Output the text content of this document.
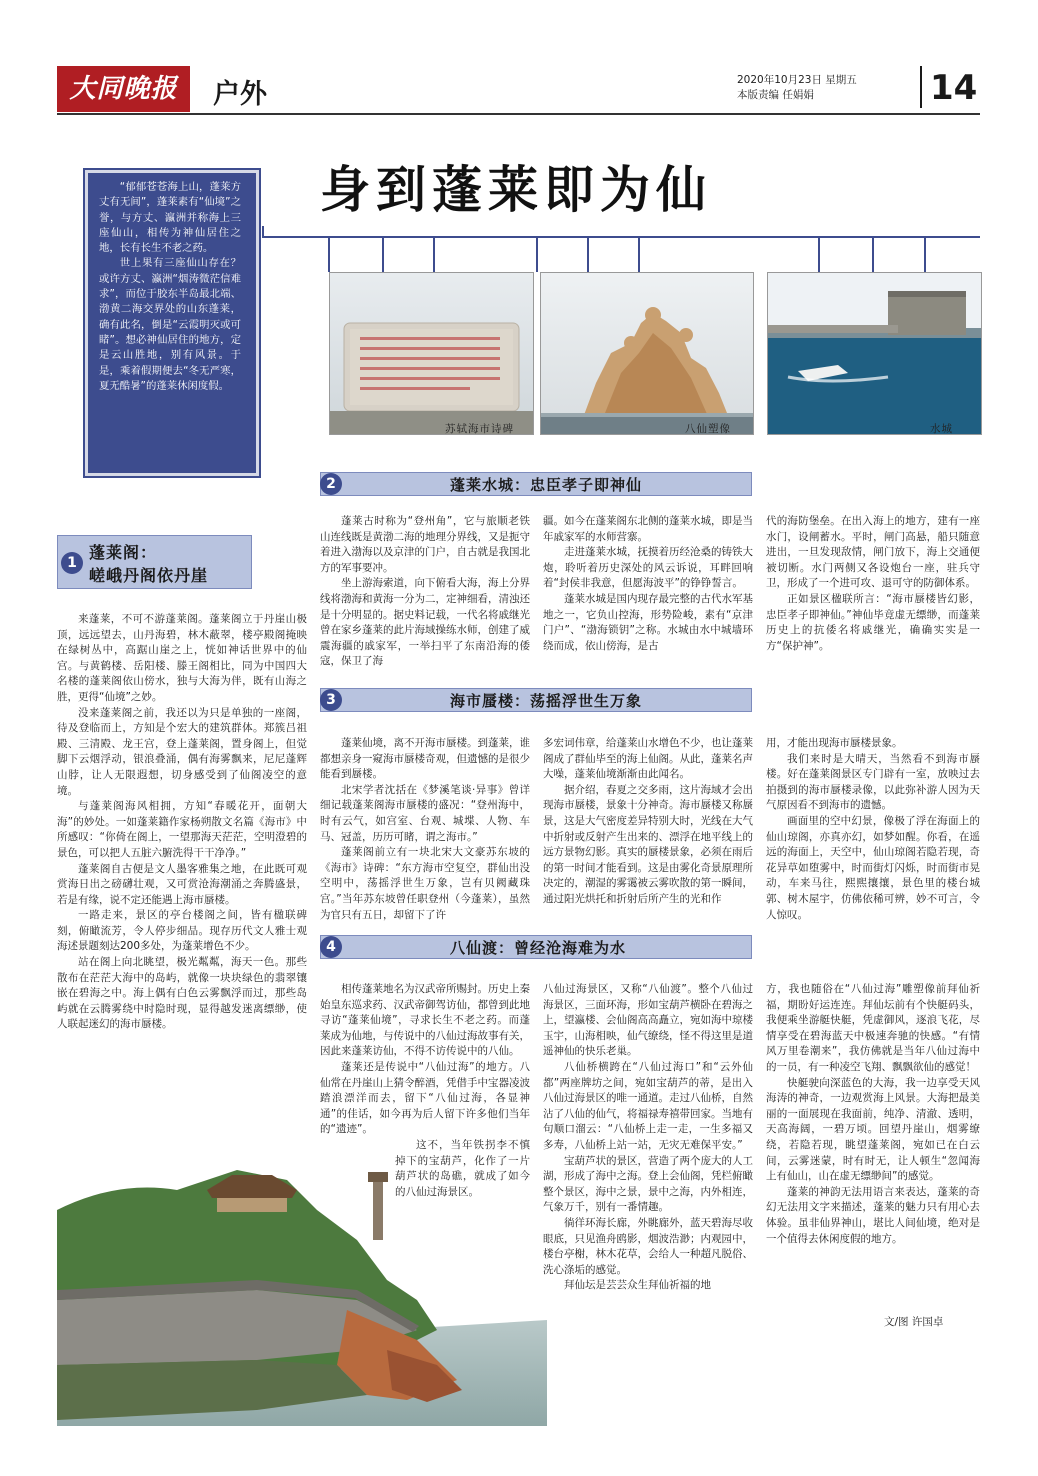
大同晚报	户外	2020年10月23日 星期五
本版责编 任娟娟	14

“郁郁苍苍海上山，蓬莱方丈有无间”，蓬莱素有“仙境”之誉，与方丈、瀛洲并称海上三座仙山，相传为神仙居住之地，长有长生不老之药。

世上果有三座仙山存在？或许方丈、瀛洲“烟涛微茫信难求”，而位于胶东半岛最北端、渤黄二海交界处的山东蓬莱，确有此名，倒是“云霞明灭或可睹”。想必神仙居住的地方，定是云山胜地，别有风景。于是，乘着假期便去“冬无严寒，夏无酷暑”的蓬莱休闲度假。

身到蓬莱即为仙
苏轼海市诗碑	八仙塑像	水城
1
蓬莱阁：
嵯峨丹阁依丹崖

来蓬莱，不可不游蓬莱阁。蓬莱阁立于丹崖山极顶，远远望去，山丹海碧，林木蔽翠，楼亭殿阁掩映在绿树丛中，高踞山崖之上，恍如神话世界中的仙宫。与黄鹤楼、岳阳楼、滕王阁相比，同为中国四大名楼的蓬莱阁依山傍水，独与大海为伴，既有山海之胜，更得“仙境”之妙。

没来蓬莱阁之前，我还以为只是单独的一座阁，待及登临而上，方知是个宏大的建筑群体。郑簇吕祖殿、三清殿、龙王宫，登上蓬莱阁，置身阁上，但觉脚下云烟浮动，银浪叠涌，偶有海雾飘来，尼尼蓬辉山脖，让人无限遐想，切身感受到了仙阁凌空的意境。

与蓬莱阁海风相拥，方知“春暖花开，面朝大海”的妙处。一如蓬莱籍作家杨朔散文名篇《海市》中所感叹：“你倚在阁上，一望那海天茫茫，空明澄碧的景色，可以把人五脏六腑洗得干干净净。”

蓬莱阁自古便是文人墨客雅集之地，在此既可观赏海日出之磅礴壮观，又可赏沧海潮涌之奔腾盛景，若是有缘，说不定还能遇上海市蜃楼。

一路走来，景区的亭台楼阁之间，皆有楹联碑刻，俯瞰流芳，令人停步细品。现存历代文人雅士观海述景题刻达200多处，为蓬莱增色不少。

站在阁上向北眺望，极光粼粼，海天一色。那些散布在茫茫大海中的岛屿，就像一块块绿色的翡翠镶嵌在碧海之中。海上偶有白色云雾飘浮而过，那些岛屿就在云腾雾绕中时隐时现，显得越发迷离缥缈，使人联起迷幻的海市蜃楼。

2	蓬莱水城：忠臣孝子即神仙

蓬莱古时称为“登州角”，它与旅顺老铁山连线既是黄渤二海的地理分界线，又是扼守着进入渤海以及京津的门户，自古就是我国北方的军事要冲。

坐上游海索道，向下俯看大海，海上分界线将渤海和黄海一分为二，定神细看，清浊还是十分明显的。据史料记载，一代名将戚继光曾在家乡蓬莱的此片海域操练水师，创建了威震海疆的戚家军，一举扫平了东南沿海的倭寇，保卫了海

疆。如今在蓬莱阁东北侧的蓬莱水城，即是当年戚家军的水师营寨。

走进蓬莱水城，抚摸着历经沧桑的铸铁大炮，聆听着历史深处的风云诉说，耳畔回响着“封侯非我意，但愿海波平”的铮铮誓言。

蓬莱水城是国内现存最完整的古代水军基地之一，它负山控海，形势险峻，素有“京津门户”、“渤海锁钥”之称。水城由水中城墙环绕而成，依山傍海，是古

代的海防堡垒。在出入海上的地方，建有一座水门，设闸蓄水。平时，闸门高悬，船只随意进出，一旦发现敌情，闸门放下，海上交通便被切断。水门两侧又各设炮台一座，驻兵守卫，形成了一个进可攻、退可守的防御体系。

正如景区楹联所言：“海市蜃楼皆幻影，忠臣孝子即神仙。”神仙毕竟虚无缥缈，而蓬莱历史上的抗倭名将戚继光，确确实实是一方“保护神”。

3	海市蜃楼：荡摇浮世生万象

蓬莱仙境，离不开海市蜃楼。到蓬莱，谁都想亲身一窥海市蜃楼奇观，但遗憾的是很少能看到蜃楼。

北宋学者沈括在《梦溪笔谈·异事》曾详细记载蓬莱阁海市蜃楼的盛况：“登州海中，时有云气，如宫室、台观、城堞、人物、车马、冠盖，历历可睹，谓之海市。”

蓬莱阁前立有一块北宋大文豪苏东坡的《海市》诗碑：“东方海市空复空，群仙出没空明中，荡摇浮世生万象，岂有贝阙藏珠宫。”当年苏东坡曾任职登州（今蓬莱），虽然为官只有五日，却留下了许

多宏词伟章，给蓬莱山水增色不少，也让蓬莱阁成了群仙毕至的海上仙阁。从此，蓬莱名声大噪，蓬莱仙境渐渐由此闻名。

据介绍，春夏之交多雨，这片海域才会出现海市蜃楼，景象十分神奇。海市蜃楼又称蜃景，这是大气密度差异特别大时，光线在大气中折射或反射产生出来的、漂浮在地平线上的远方景物幻影。真实的蜃楼景象，必须在雨后的第一时间才能看到。这是由雾化奇景原理所决定的，潮湿的雾霭被云雾吹散的第一瞬间，通过阳光烘托和折射后所产生的光和作

用，才能出现海市蜃楼景象。

我们来时是大晴天，当然看不到海市蜃楼。好在蓬莱阁景区专门辟有一室，放映过去拍摄到的海市蜃楼录像，以此弥补游人因为天气原因看不到海市的遗憾。

画面里的空中幻景，像极了浮在海面上的仙山琼阁，亦真亦幻，如梦如醒。你看，在遥远的海面上，天空中，仙山琼阁若隐若现，奇花异草如堕雾中，时而街灯闪烁，时而街市晃动，车来马往，熙熙攘攘，景色里的楼台城郭、树木屋宇，仿佛依稀可辨，妙不可言，令人惊叹。

4	八仙渡：曾经沧海难为水

相传蓬莱地名为汉武帝所赐封。历史上秦始皇东巡求药、汉武帝御驾访仙，都曾到此地寻访“蓬莱仙境”，寻求长生不老之药。而蓬莱成为仙地，与传说中的八仙过海故事有关，因此来蓬莱访仙，不得不访传说中的八仙。

蓬莱还是传说中“八仙过海”的地方。八仙常在丹崖山上猜令醉酒，凭借手中宝器凌波踏浪漂洋而去，留下“八仙过海，各显神通”的佳话，如今再为后人留下许多他们当年的“遗迹”。

这不，当年铁拐李不慎掉下的宝葫芦，化作了一片葫芦状的岛礁，就成了如今的八仙过海景区。

八仙过海景区，又称“八仙渡”。整个八仙过海景区，三面环海，形如宝葫芦横卧在碧海之上，望瀛楼、会仙阁高高矗立，宛如海中琼楼玉宇，山海相映，仙气缭绕，怪不得这里是道遥神仙的快乐老巢。

八仙桥横跨在“八仙过海口”和“云外仙都”两座牌坊之间，宛如宝葫芦的蒂，是出入八仙过海景区的唯一通道。走过八仙桥，自然沾了八仙的仙气，将福禄寿禧带回家。当地有句顺口溜云：“八仙桥上走一走，一生多福又多寿，八仙桥上站一站，无灾无难保平安。”

宝葫芦状的景区，营造了两个庞大的人工湖，形成了海中之海。登上会仙阁，凭栏俯瞰整个景区，海中之景，景中之海，内外相连，气象万千，别有一番情趣。

徜徉环海长廊，外眺廊外，蓝天碧海尽收眼底，只见渔舟鸥影，烟波浩渺；内观园中，楼台亭榭，林木花草，会给人一种超凡脱俗、洗心涤垢的感觉。

拜仙坛是芸芸众生拜仙祈福的地

方，我也随俗在“八仙过海”雕塑像前拜仙祈福，期盼好运连连。拜仙坛前有个快艇码头，我便乘坐游艇快艇，凭虚御风，逐浪飞花，尽情享受在碧海蓝天中极速奔驰的快感。“有情风万里卷潮来”，我仿佛就是当年八仙过海中的一员，有一种凌空飞翔、飘飘欲仙的感觉！

快艇驶向深蓝色的大海，我一边享受天风海涛的神奇，一边观赏海上风景。大海把最美丽的一面展现在我面前，纯净、清澈、透明，天高海阔，一碧万顷。回望丹崖山，烟雾缭绕，若隐若现，眺望蓬莱阁，宛如已在白云间，云雾迷蒙，时有时无，让人顿生“忽闻海上有仙山，山在虚无缥缈间”的感觉。

蓬莱的神韵无法用语言来表达，蓬莱的奇幻无法用文字来描述，蓬莱的魅力只有用心去体验。虽非仙界神山，堪比人间仙境，绝对是一个值得去休闲度假的地方。

文/图 许国卓
